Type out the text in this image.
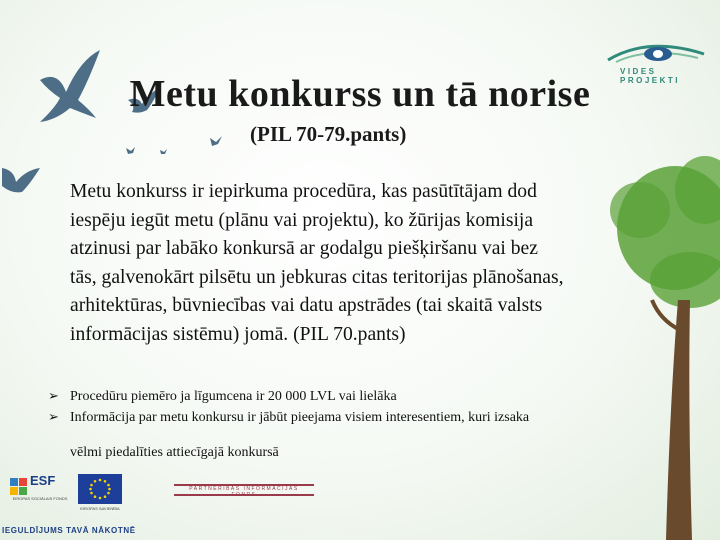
VIDES PROJEKTI
Metu konkurss un tā norise
(PIL 70-79.pants)
Metu konkurss ir iepirkuma procedūra, kas pasūtītājam dod
iespēju iegūt metu (plānu vai projektu), ko žūrijas komisija
atzinusi par labāko konkursā ar godalgu piešķiršanu vai bez
tās, galvenokārt pilsētu un jebkuras citas teritorijas plānošanas,
arhitektūras, būvniecības vai datu apstrādes (tai skaitā valsts
informācijas sistēmu) jomā. (PIL 70.pants)
➢ Procedūru piemēro ja līgumcena ir 20 000 LVL vai lielāka
➢ Informācija par metu konkursu ir jābūt pieejama visiem interesentiem, kuri izsaka
vēlmi piedalīties attiecīgajā konkursā
ESF
EIROPAS SOCIĀLAIS FONDS
EIROPAS SAVIENĪBA
PARTNERĪBAS INFORMĀCIJAS FONDS
IEGULDĪJUMS TAVĀ NĀKOTNĒ
